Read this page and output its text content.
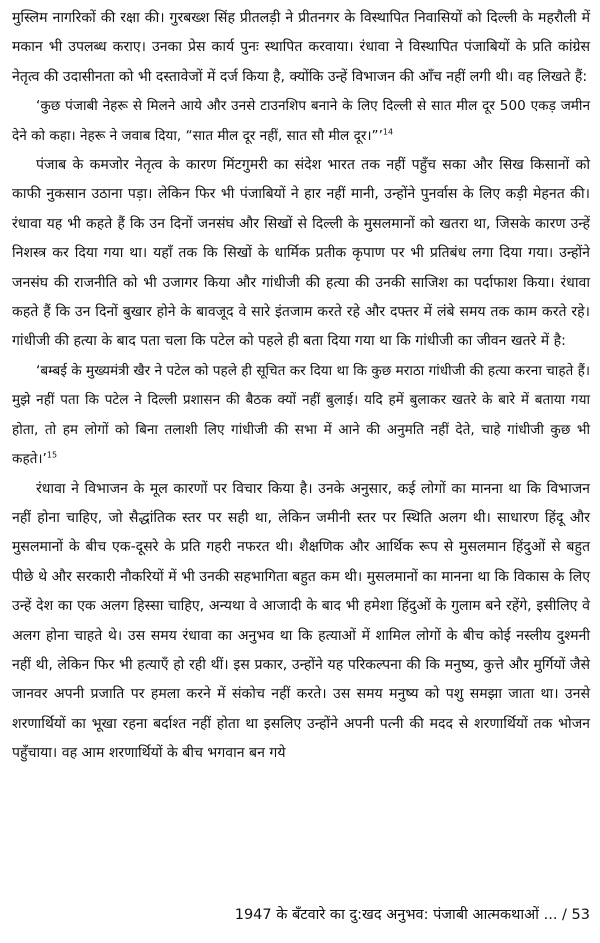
मुस्लिम नागरिकों की रक्षा की। गुरबख्श सिंह प्रीतलड़ी ने प्रीतनगर के विस्थापित निवासियों को दिल्ली के महरौली में मकान भी उपलब्ध कराए। उनका प्रेस कार्य पुनः स्थापित करवाया। रंधावा ने विस्थापित पंजाबियों के प्रति कांग्रेस नेतृत्व की उदासीनता को भी दस्तावेजों में दर्ज किया है, क्योंकि उन्हें विभाजन की आँच नहीं लगी थी। वह लिखते हैं:

‘कुछ पंजाबी नेहरू से मिलने आये और उनसे टाउनशिप बनाने के लिए दिल्ली से सात मील दूर 500 एकड़ जमीन देने को कहा। नेहरू ने जवाब दिया, “सात मील दूर नहीं, सात सौ मील दूर।”’$^{14}$

पंजाब के कमजोर नेतृत्व के कारण मिंटगुमरी का संदेश भारत तक नहीं पहुँच सका और सिख किसानों को काफी नुकसान उठाना पड़ा। लेकिन फिर भी पंजाबियों ने हार नहीं मानी, उन्होंने पुनर्वास के लिए कड़ी मेहनत की। रंधावा यह भी कहते हैं कि उन दिनों जनसंघ और सिखों से दिल्ली के मुसलमानों को खतरा था, जिसके कारण उन्हें निशस्त्र कर दिया गया था। यहाँ तक कि सिखों के धार्मिक प्रतीक कृपाण पर भी प्रतिबंध लगा दिया गया। उन्होंने जनसंघ की राजनीति को भी उजागर किया और गांधीजी की हत्या की उनकी साजिश का पर्दाफाश किया। रंधावा कहते हैं कि उन दिनों बुखार होने के बावजूद वे सारे इंतजाम करते रहे और दफ्तर में लंबे समय तक काम करते रहे। गांधीजी की हत्या के बाद पता चला कि पटेल को पहले ही बता दिया गया था कि गांधीजी का जीवन खतरे में है:

‘बम्बई के मुख्यमंत्री खैर ने पटेल को पहले ही सूचित कर दिया था कि कुछ मराठा गांधीजी की हत्या करना चाहते हैं। मुझे नहीं पता कि पटेल ने दिल्ली प्रशासन की बैठक क्यों नहीं बुलाई। यदि हमें बुलाकर खतरे के बारे में बताया गया होता, तो हम लोगों को बिना तलाशी लिए गांधीजी की सभा में आने की अनुमति नहीं देते, चाहे गांधीजी कुछ भी कहते।’$^{15}$

रंधावा ने विभाजन के मूल कारणों पर विचार किया है। उनके अनुसार, कई लोगों का मानना था कि विभाजन नहीं होना चाहिए, जो सैद्धांतिक स्तर पर सही था, लेकिन जमीनी स्तर पर स्थिति अलग थी। साधारण हिंदू और मुसलमानों के बीच एक-दूसरे के प्रति गहरी नफरत थी। शैक्षणिक और आर्थिक रूप से मुसलमान हिंदुओं से बहुत पीछे थे और सरकारी नौकरियों में भी उनकी सहभागिता बहुत कम थी। मुसलमानों का मानना था कि विकास के लिए उन्हें देश का एक अलग हिस्सा चाहिए, अन्यथा वे आजादी के बाद भी हमेशा हिंदुओं के गुलाम बने रहेंगे, इसीलिए वे अलग होना चाहते थे। उस समय रंधावा का अनुभव था कि हत्याओं में शामिल लोगों के बीच कोई नस्लीय दुश्मनी नहीं थी, लेकिन फिर भी हत्याएँ हो रही थीं। इस प्रकार, उन्होंने यह परिकल्पना की कि मनुष्य, कुत्ते और मुर्गियों जैसे जानवर अपनी प्रजाति पर हमला करने में संकोच नहीं करते। उस समय मनुष्य को पशु समझा जाता था। उनसे शरणार्थियों का भूखा रहना बर्दाश्त नहीं होता था इसलिए उन्होंने अपनी पत्नी की मदद से शरणार्थियों तक भोजन पहुँचाया। वह आम शरणार्थियों के बीच भगवान बन गये

1947 के बँटवारे का दु:खद अनुभव: पंजाबी आत्मकथाओं ... / 53
